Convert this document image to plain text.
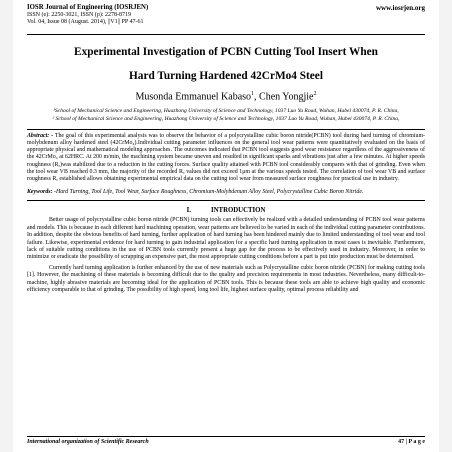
IOSR Journal of Engineering (IOSRJEN)
ISSN (e): 2250-3021, ISSN (p): 2278-8719
Vol. 04, Issue 08 (August. 2014), ||V1|| PP 47-61
www.iosrjen.org
Experimental Investigation of PCBN Cutting Tool Insert When
Hard Turning Hardened 42CrMo4 Steel
Musonda Emmanuel Kabaso$^1$, Chen Yongjie$^2$
¹School of Mechanical Science and Engineering, Huazhong University of Science and Technology, 1037 Luo Yu Road, Wuhan, Hubei 430074, P. R. China,
² School of Mechanical Science and Engineering, Huazhong University of Science and Technology, 1037 Luo Yu Road, Wuhan, Hubei 430074, P. R. China,
Abstract: - The goal of this experimental analysis was to observe the behavior of a polycrystalline cubic boron nitride(PCBN) tool during hard turning of chromium-molybdenum alloy hardened steel (42CrMo₄).Individual cutting parameter influences on the general tool wear patterns were quantitatively evaluated on the basis of appropriate physical and mathematical modeling approaches. The outcomes indicated that PCBN tool suggests good wear resistance regardless of the aggressiveness of the 42CrMo₄ at 62HRC. At 200 m/min, the machining system became uneven and resulted in significant sparks and vibrations just after a few minutes. At higher speeds roughness (Rₐ)was stabilized due to a reduction in the cutting forces. Surface quality attained with PCBN tool considerably compares with that of grinding. Even when the tool wear VB reached 0.3 mm, the majority of the recorded Rₐ values did not exceed 1μm at the various speeds tested. The correlation of tool wear VB and surface roughness Rₐ established allows obtaining experimental empirical data on the cutting tool wear from measured surface roughness for practical use in industry.
Keywords: -Hard Turning, Tool Life, Tool Wear, Surface Roughness, Chromium-Molybdenum Alloy Steel, Polycrystalline Cubic Boron Nitride.
I.	INTRODUCTION
Better usage of polycrystalline cubic boron nitride (PCBN) turning tools can effectively be realized with a detailed understanding of PCBN tool wear patterns and models. This is because in each different hard machining operation, wear patterns are believed to be varied in each of the individual cutting parameter contributions. In addition, despite the obvious benefits of hard turning, further application of hard turning has been hindered mainly due to limited understanding of tool wear and tool failure. Likewise, experimental evidence for hard turning to gain industrial application for a specific hard turning application in most cases is inevitable. Furthermore, lack of suitable cutting conditions in the use of PCBN tools currently present a huge gap for the process to be effectively used in industry. Moreover, in order to minimize or eradicate the possibility of scrapping an expensive part, the most appropriate cutting conditions before a part is put into production must be determined.
Currently hard turning application is further enhanced by the use of new materials such as Polycrystalline cubic boron nitride (PCBN) for making cutting tools [1]. However, the machining of these materials is becoming difficult due to the quality and precision requirements in most industries. Nevertheless, many difficult-to-machine, highly abrasive materials are becoming ideal for the application of PCBN tools. This is because these tools are able to achieve high quality and economic efficiency comparable to that of grinding. The possibility of high speed, long tool life, highest surface quality, optimal process reliability and
International organization of Scientific Research	47 | P a g e
